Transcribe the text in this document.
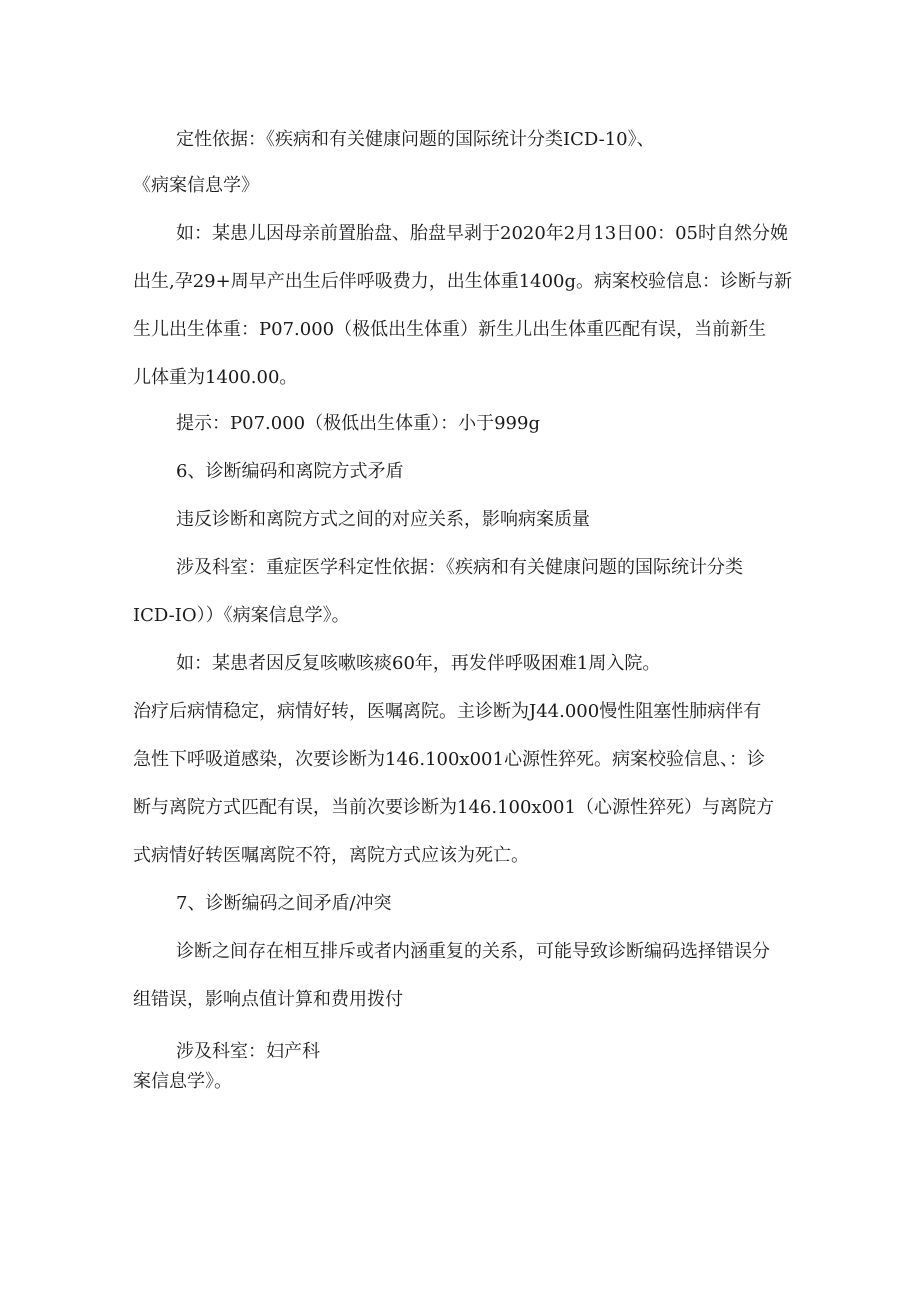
定性依据：《疾病和有关健康问题的国际统计分类ICD-10》、

《病案信息学》

如：某患儿因母亲前置胎盘、胎盘早剥于2020年2月13日00：05时自然分娩

出生,孕29+周早产出生后伴呼吸费力，出生体重1400g。病案校验信息：诊断与新

生儿出生体重：P07.000（极低出生体重）新生儿出生体重匹配有误，当前新生

儿体重为1400.00。

提示：P07.000（极低出生体重）：小于999g

6、诊断编码和离院方式矛盾

违反诊断和离院方式之间的对应关系，影响病案质量

涉及科室：重症医学科定性依据：《疾病和有关健康问题的国际统计分类

ICD-IO））《病案信息学》。

如：某患者因反复咳嗽咳痰60年，再发伴呼吸困难1周入院。

治疗后病情稳定，病情好转，医嘱离院。主诊断为J44.000慢性阻塞性肺病伴有

急性下呼吸道感染，次要诊断为146.100x001心源性猝死。病案校验信息、：诊

断与离院方式匹配有误，当前次要诊断为146.100x001（心源性猝死）与离院方

式病情好转医嘱离院不符，离院方式应该为死亡。

7、诊断编码之间矛盾/冲突

诊断之间存在相互排斥或者内涵重复的关系，可能导致诊断编码选择错误分

组错误，影响点值计算和费用拨付

涉及科室：妇产科

案信息学》。
